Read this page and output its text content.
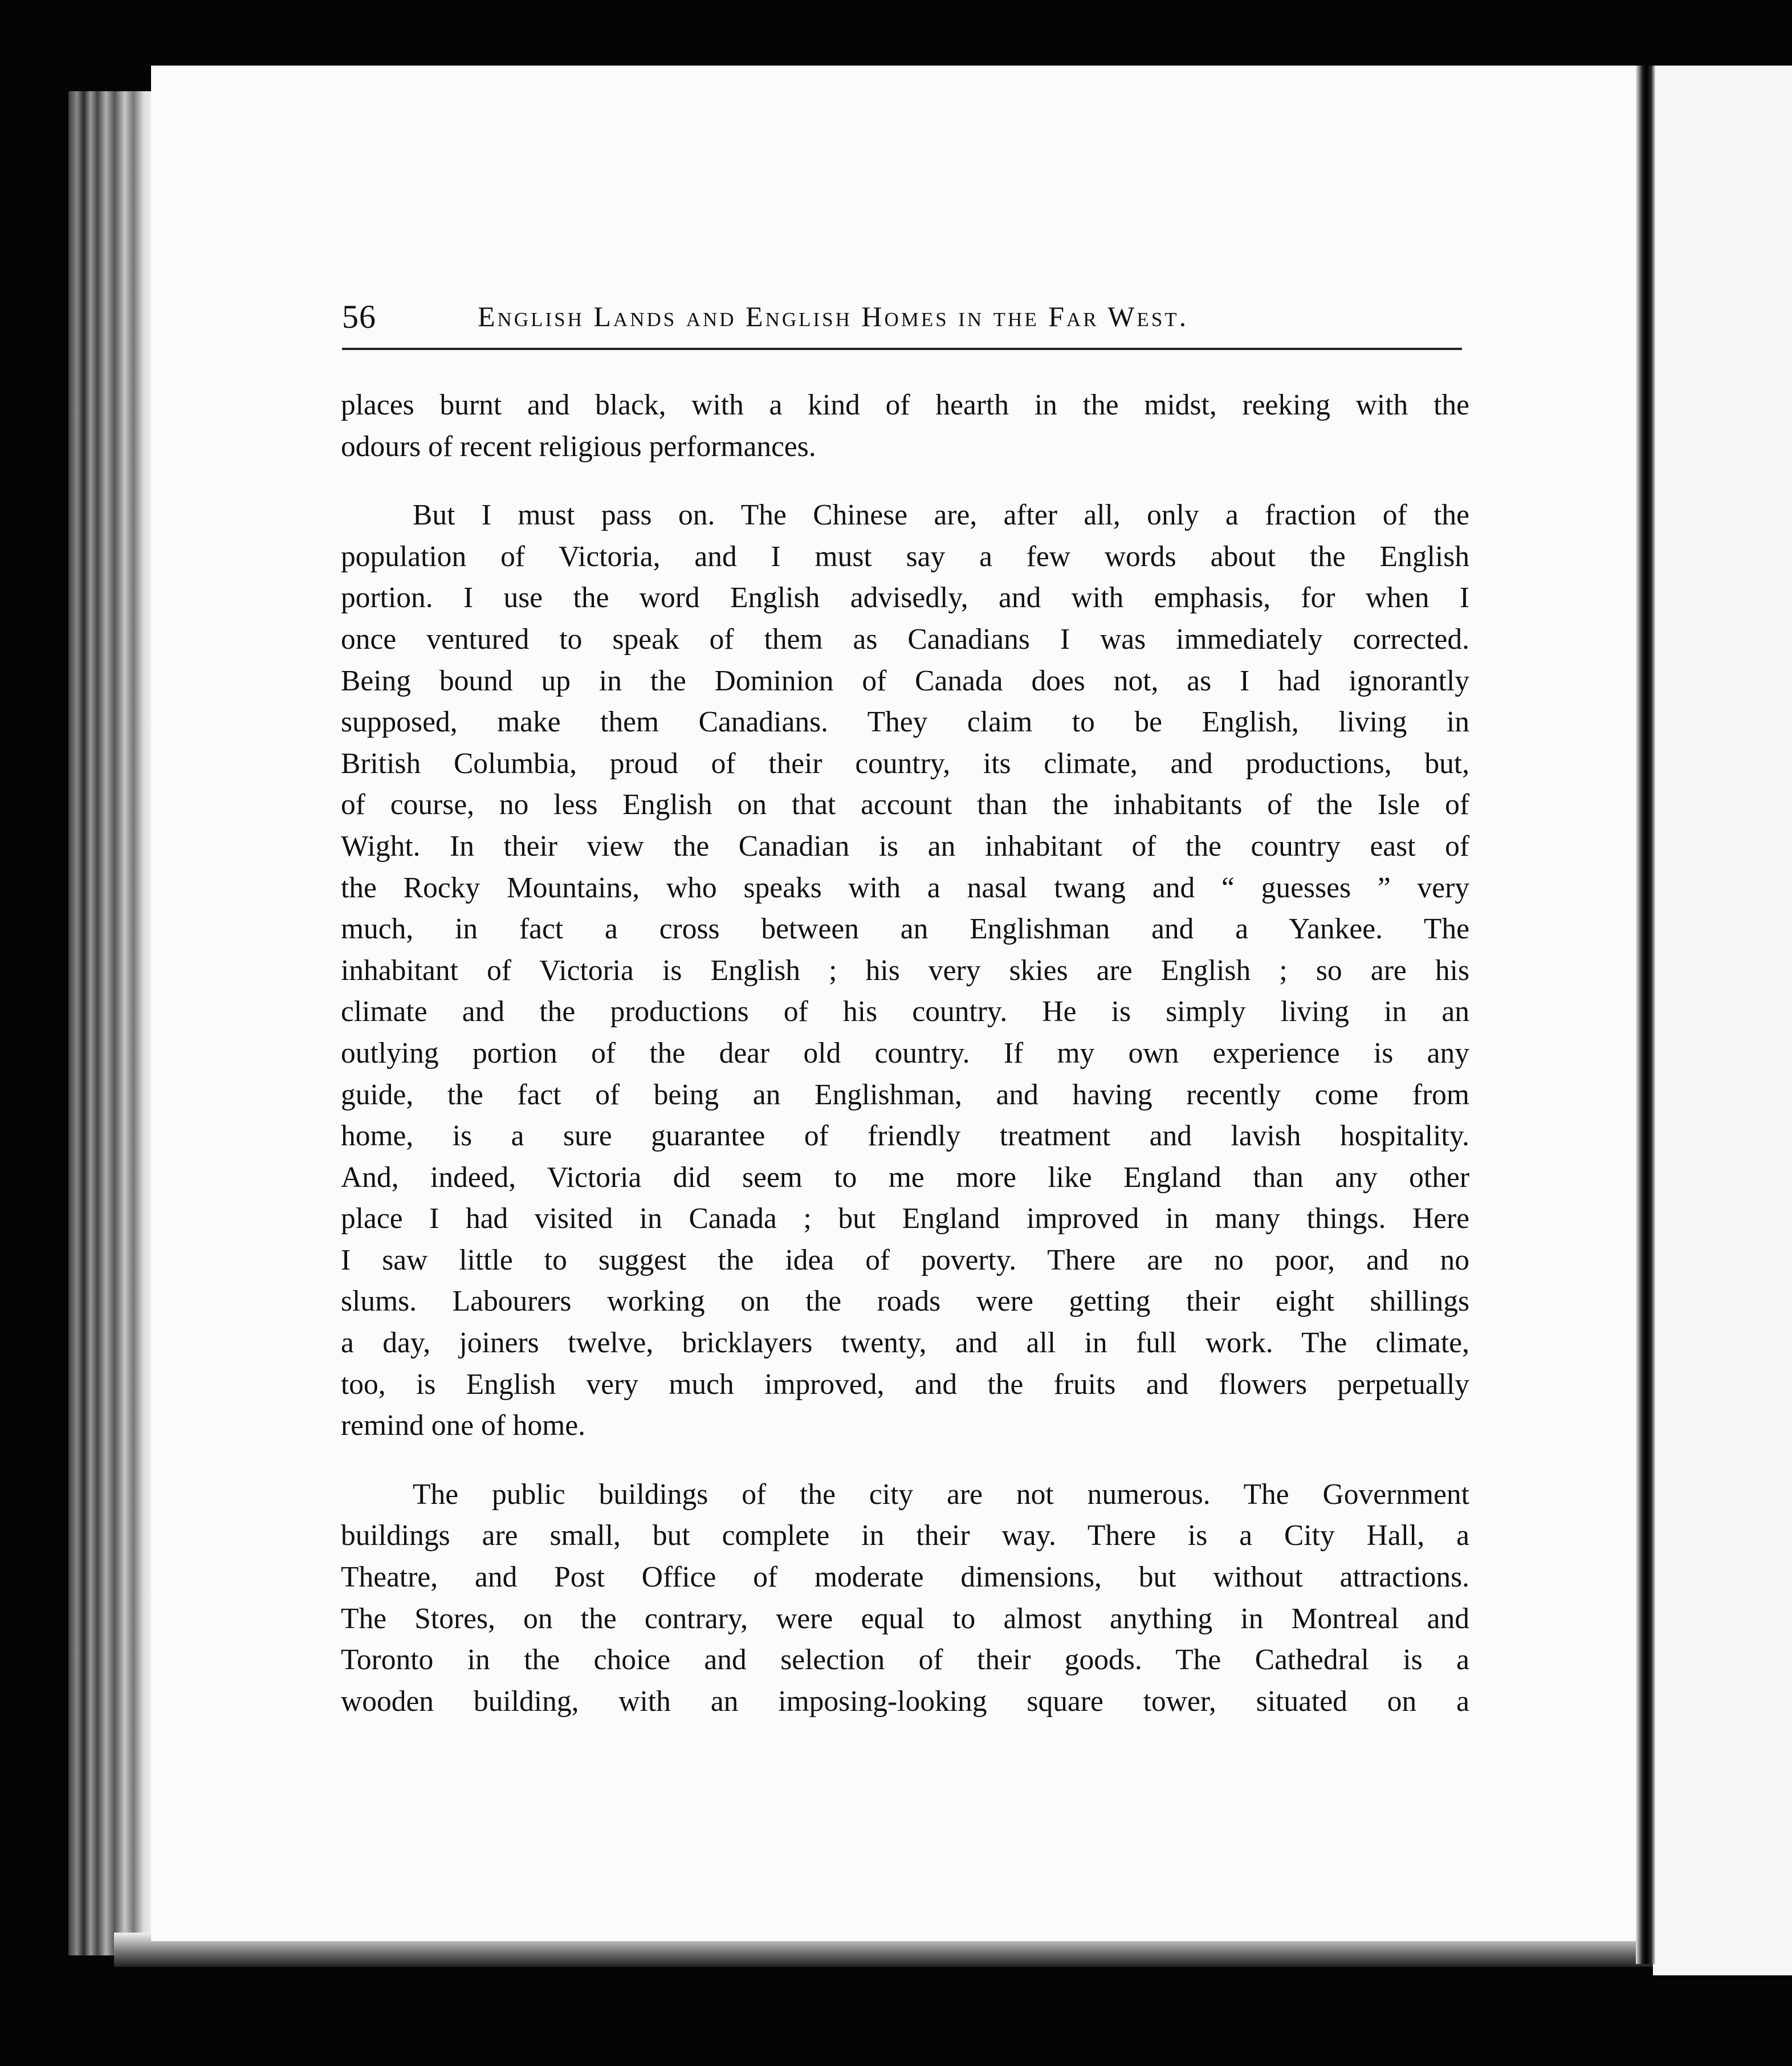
56	English Lands and English Homes in the Far West.

places burnt and black, with a kind of hearth in the midst, reeking with the
odours of recent religious performances.

But I must pass on. The Chinese are, after all, only a fraction of the
population of Victoria, and I must say a few words about the English
portion. I use the word English advisedly, and with emphasis, for when I
once ventured to speak of them as Canadians I was immediately corrected.
Being bound up in the Dominion of Canada does not, as I had ignorantly
supposed, make them Canadians. They claim to be English, living in
British Columbia, proud of their country, its climate, and productions, but,
of course, no less English on that account than the inhabitants of the Isle of
Wight. In their view the Canadian is an inhabitant of the country east of
the Rocky Mountains, who speaks with a nasal twang and “ guesses ” very
much, in fact a cross between an Englishman and a Yankee. The
inhabitant of Victoria is English ; his very skies are English ; so are his
climate and the productions of his country. He is simply living in an
outlying portion of the dear old country. If my own experience is any
guide, the fact of being an Englishman, and having recently come from
home, is a sure guarantee of friendly treatment and lavish hospitality.
And, indeed, Victoria did seem to me more like England than any other
place I had visited in Canada ; but England improved in many things. Here
I saw little to suggest the idea of poverty. There are no poor, and no
slums. Labourers working on the roads were getting their eight shillings
a day, joiners twelve, bricklayers twenty, and all in full work. The climate,
too, is English very much improved, and the fruits and flowers perpetually
remind one of home.

The public buildings of the city are not numerous. The Government
buildings are small, but complete in their way. There is a City Hall, a
Theatre, and Post Office of moderate dimensions, but without attractions.
The Stores, on the contrary, were equal to almost anything in Montreal and
Toronto in the choice and selection of their goods. The Cathedral is a
wooden building, with an imposing-looking square tower, situated on a
